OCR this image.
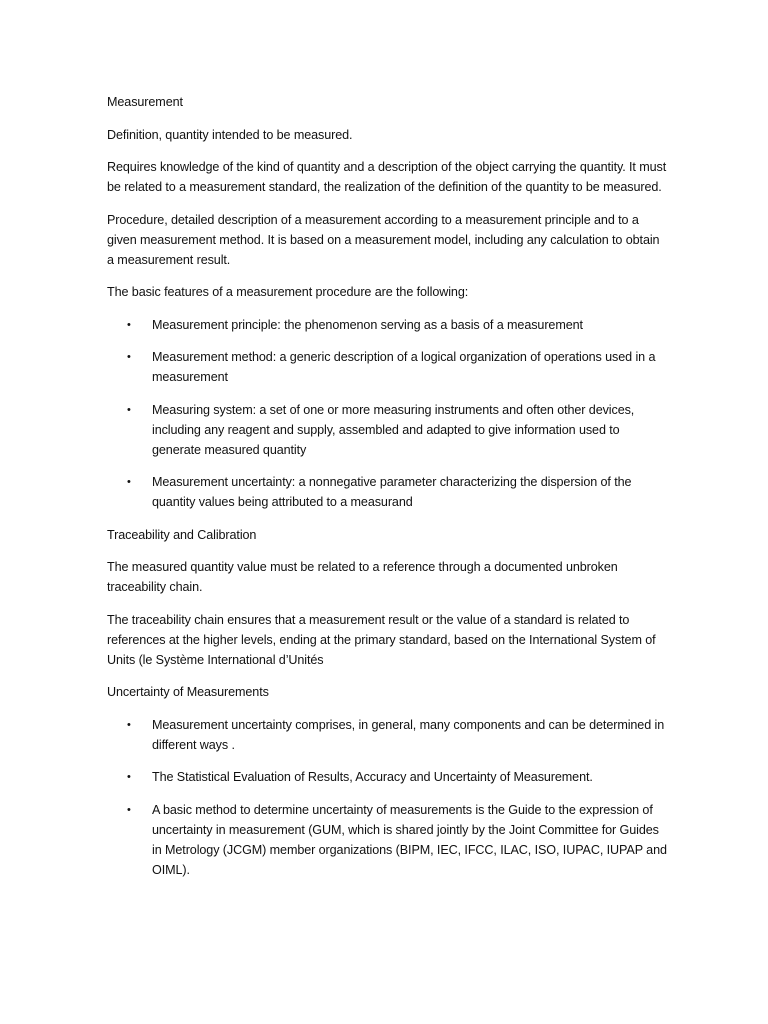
Measurement

Definition, quantity intended to be measured.

Requires knowledge of the kind of quantity and a description of the object carrying the quantity. It must be related to a measurement standard, the realization of the definition of the quantity to be measured.

Procedure, detailed description of a measurement according to a measurement principle and to a given measurement method. It is based on a measurement model, including any calculation to obtain a measurement result.

The basic features of a measurement procedure are the following:

• Measurement principle: the phenomenon serving as a basis of a measurement
• Measurement method: a generic description of a logical organization of operations used in a measurement
• Measuring system: a set of one or more measuring instruments and often other devices, including any reagent and supply, assembled and adapted to give information used to generate measured quantity
• Measurement uncertainty: a nonnegative parameter characterizing the dispersion of the quantity values being attributed to a measurand
Traceability and Calibration

The measured quantity value must be related to a reference through a documented unbroken traceability chain.

The traceability chain ensures that a measurement result or the value of a standard is related to references at the higher levels, ending at the primary standard, based on the International System of Units (le Système International d’Unités

Uncertainty of Measurements
• Measurement uncertainty comprises, in general, many components and can be determined in different ways .
• The Statistical Evaluation of Results, Accuracy and Uncertainty of Measurement.
• A basic method to determine uncertainty of measurements is the Guide to the expression of uncertainty in measurement (GUM, which is shared jointly by the Joint Committee for Guides in Metrology (JCGM) member organizations (BIPM, IEC, IFCC, ILAC, ISO, IUPAC, IUPAP and OIML).
